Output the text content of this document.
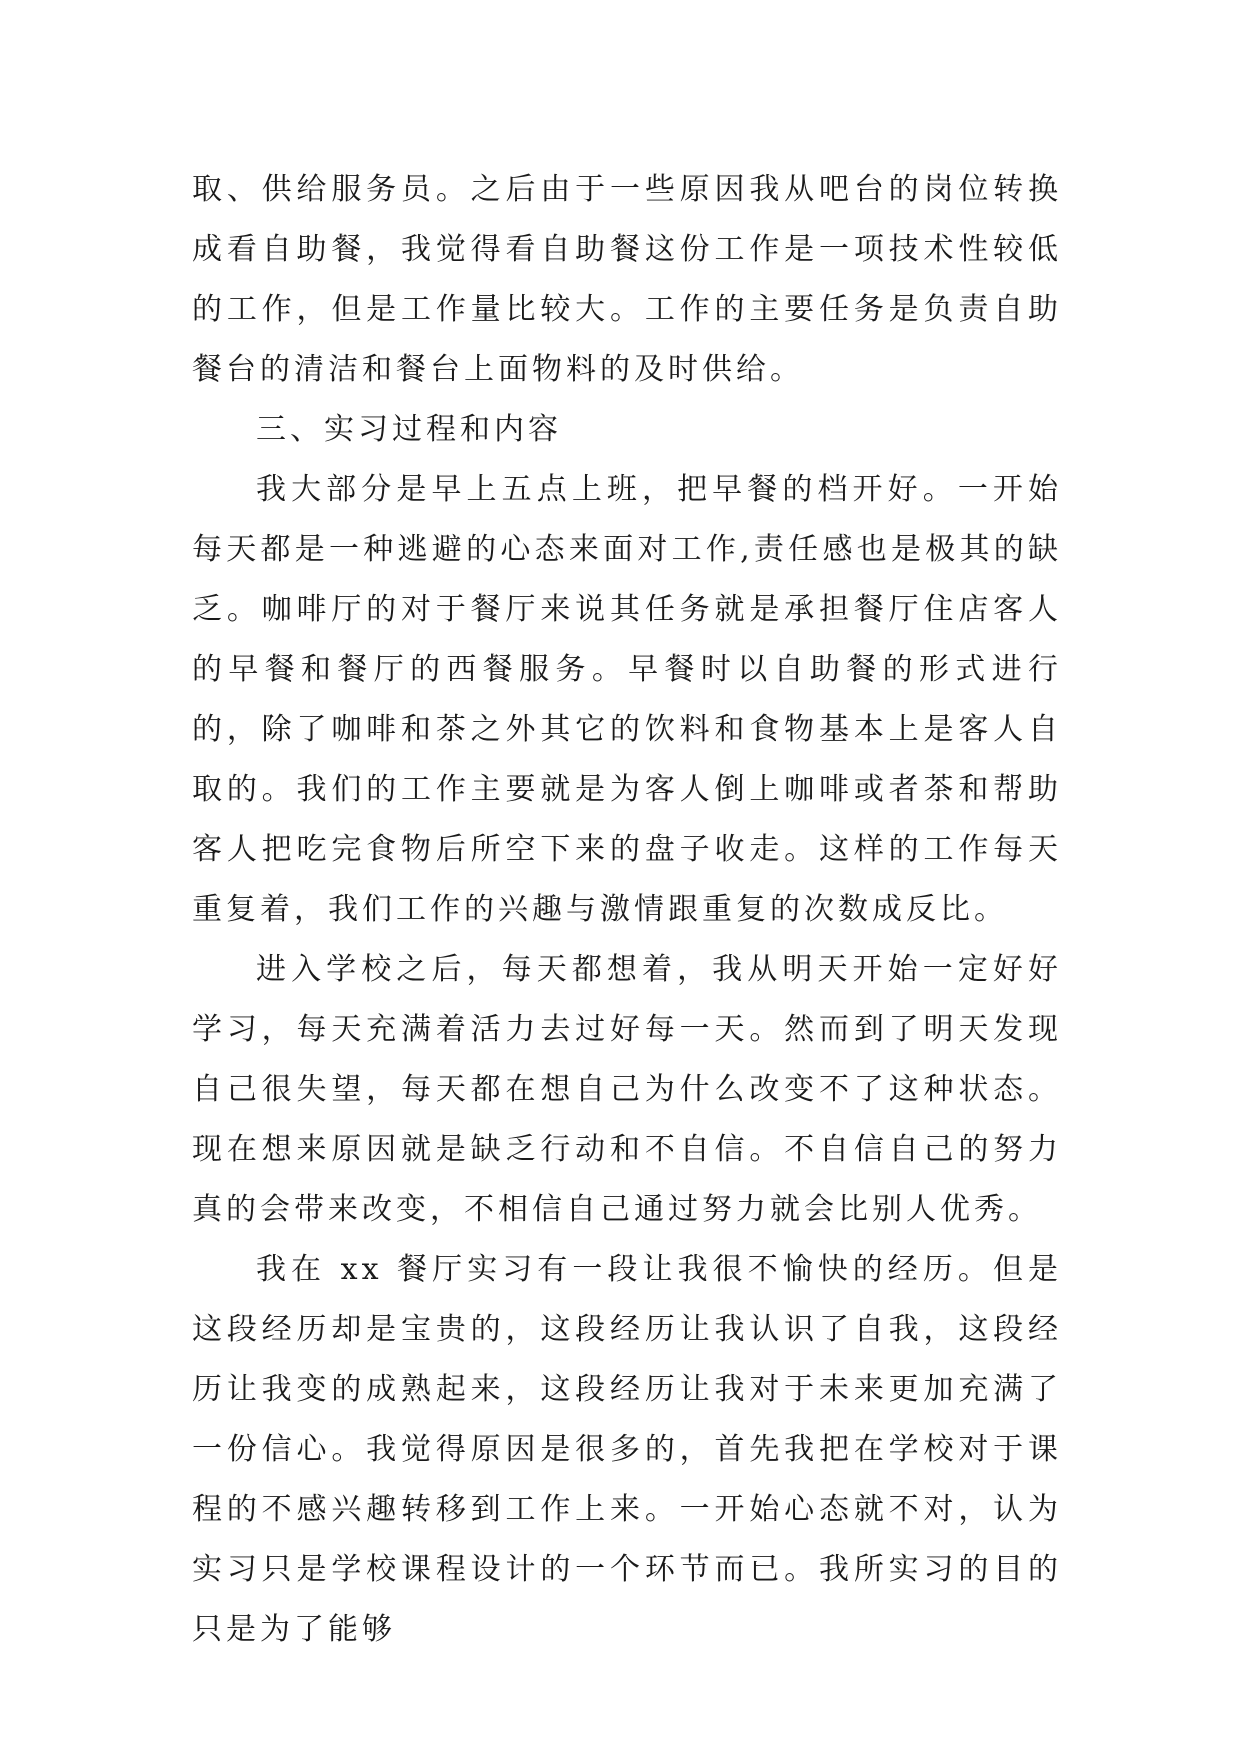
取、供给服务员。之后由于一些原因我从吧台的岗位转换成看自助餐，我觉得看自助餐这份工作是一项技术性较低的工作，但是工作量比较大。工作的主要任务是负责自助餐台的清洁和餐台上面物料的及时供给。

三、实习过程和内容

我大部分是早上五点上班，把早餐的档开好。一开始每天都是一种逃避的心态来面对工作,责任感也是极其的缺乏。咖啡厅的对于餐厅来说其任务就是承担餐厅住店客人的早餐和餐厅的西餐服务。早餐时以自助餐的形式进行的，除了咖啡和茶之外其它的饮料和食物基本上是客人自取的。我们的工作主要就是为客人倒上咖啡或者茶和帮助客人把吃完食物后所空下来的盘子收走。这样的工作每天重复着，我们工作的兴趣与激情跟重复的次数成反比。

进入学校之后，每天都想着，我从明天开始一定好好学习，每天充满着活力去过好每一天。然而到了明天发现自己很失望，每天都在想自己为什么改变不了这种状态。现在想来原因就是缺乏行动和不自信。不自信自己的努力真的会带来改变，不相信自己通过努力就会比别人优秀。

我在 xx 餐厅实习有一段让我很不愉快的经历。但是这段经历却是宝贵的，这段经历让我认识了自我，这段经历让我变的成熟起来，这段经历让我对于未来更加充满了一份信心。我觉得原因是很多的，首先我把在学校对于课程的不感兴趣转移到工作上来。一开始心态就不对，认为实习只是学校课程设计的一个环节而已。我所实习的目的只是为了能够
